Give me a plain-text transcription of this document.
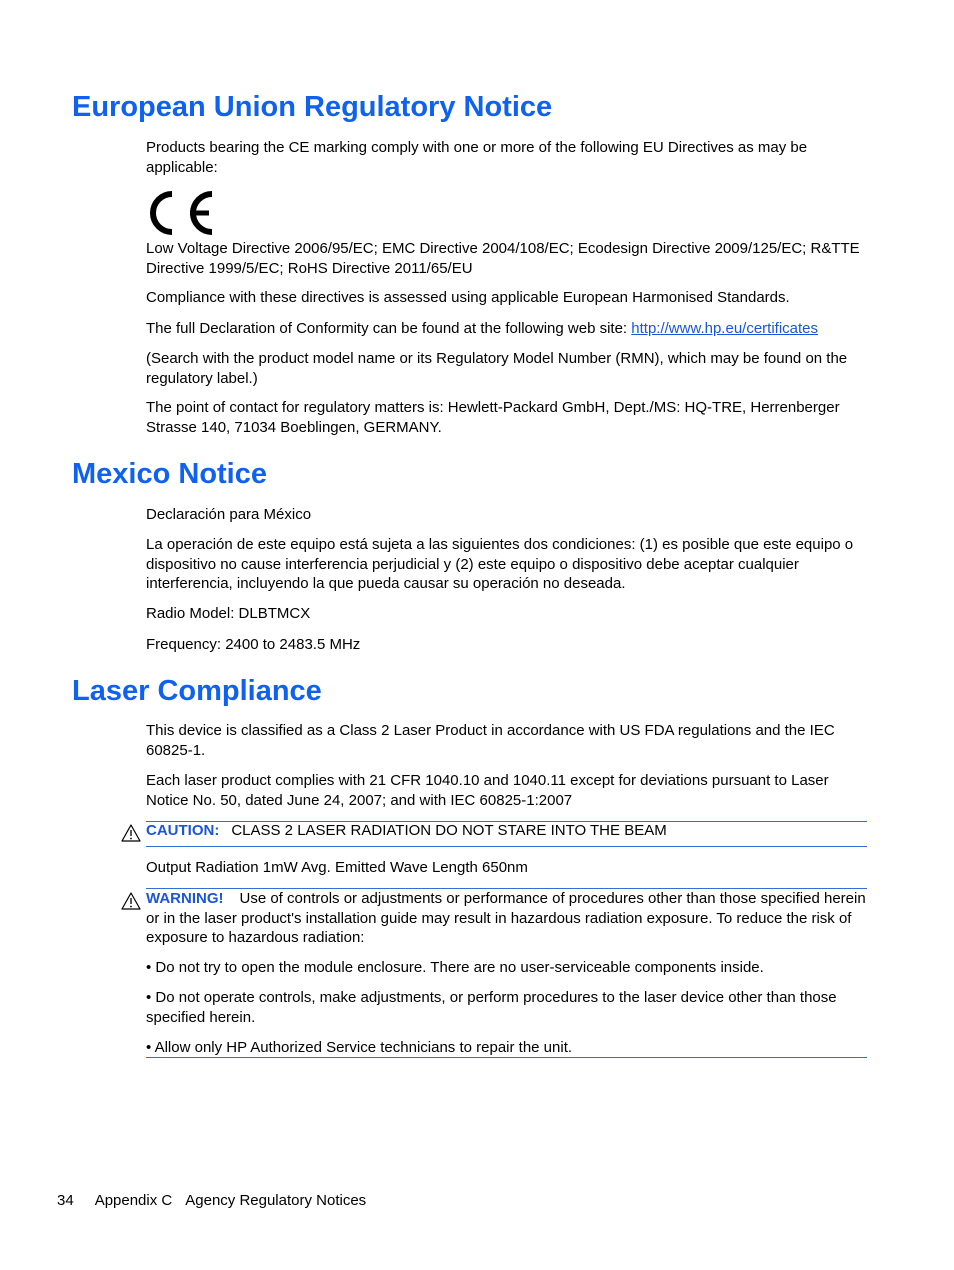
European Union Regulatory Notice

Products bearing the CE marking comply with one or more of the following EU Directives as may be applicable:

Low Voltage Directive 2006/95/EC; EMC Directive 2004/108/EC; Ecodesign Directive 2009/125/EC; R&TTE Directive 1999/5/EC; RoHS Directive 2011/65/EU

Compliance with these directives is assessed using applicable European Harmonised Standards.

The full Declaration of Conformity can be found at the following web site: http://www.hp.eu/certificates

(Search with the product model name or its Regulatory Model Number (RMN), which may be found on the regulatory label.)

The point of contact for regulatory matters is: Hewlett-Packard GmbH, Dept./MS: HQ-TRE, Herrenberger Strasse 140, 71034 Boeblingen, GERMANY.

Mexico Notice

Declaración para México

La operación de este equipo está sujeta a las siguientes dos condiciones: (1) es posible que este equipo o dispositivo no cause interferencia perjudicial y (2) este equipo o dispositivo debe aceptar cualquier interferencia, incluyendo la que pueda causar su operación no deseada.

Radio Model: DLBTMCX

Frequency: 2400 to 2483.5 MHz

Laser Compliance

This device is classified as a Class 2 Laser Product in accordance with US FDA regulations and the IEC 60825-1.

Each laser product complies with 21 CFR 1040.10 and 1040.11 except for deviations pursuant to Laser Notice No. 50, dated June 24, 2007; and with IEC 60825-1:2007

CAUTION: CLASS 2 LASER RADIATION DO NOT STARE INTO THE BEAM

Output Radiation 1mW Avg. Emitted Wave Length 650nm

WARNING! Use of controls or adjustments or performance of procedures other than those specified herein or in the laser product's installation guide may result in hazardous radiation exposure. To reduce the risk of exposure to hazardous radiation:

• Do not try to open the module enclosure. There are no user-serviceable components inside.

• Do not operate controls, make adjustments, or perform procedures to the laser device other than those specified herein.

• Allow only HP Authorized Service technicians to repair the unit.

34 Appendix C Agency Regulatory Notices
